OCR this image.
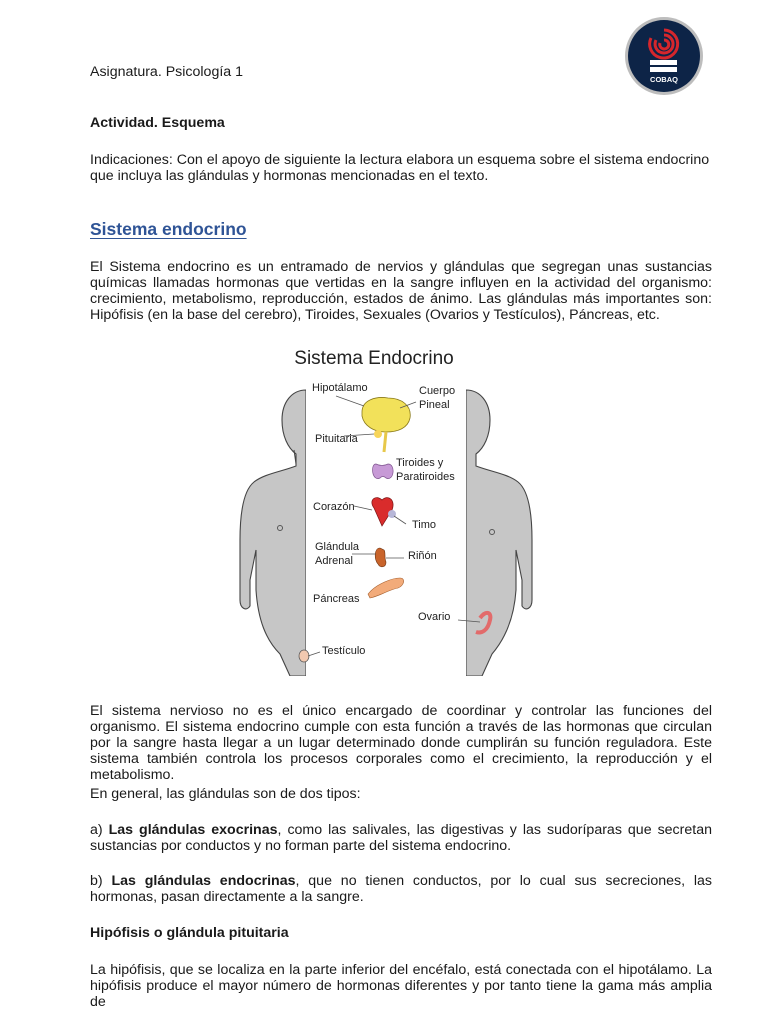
Asignatura. Psicología 1	COBAQ
Actividad. Esquema
Indicaciones: Con el apoyo de siguiente la lectura elabora un esquema sobre el sistema endocrino que incluya las glándulas y hormonas mencionadas en el texto.
Sistema endocrino
El Sistema endocrino es un entramado de nervios y glándulas que segregan unas sustancias químicas llamadas hormonas que vertidas en la sangre influyen en la actividad del organismo: crecimiento, metabolismo, reproducción, estados de ánimo. Las glándulas más importantes son: Hipófisis (en la base del cerebro), Tiroides, Sexuales (Ovarios y Testículos), Páncreas, etc.
Sistema Endocrino
Hipotálamo	Cuerpo
Pineal
Pituitaria
Tiroides y
Paratiroides
Corazón
Timo
Glándula
Adrenal	Riñón
Páncreas
Ovario
Testículo
El sistema nervioso no es el único encargado de coordinar y controlar las funciones del organismo. El sistema endocrino cumple con esta función a través de las hormonas que circulan por la sangre hasta llegar a un lugar determinado donde cumplirán su función reguladora. Este sistema también controla los procesos corporales como el crecimiento, la reproducción y el metabolismo.
En general, las glándulas son de dos tipos:
a) Las glándulas exocrinas, como las salivales, las digestivas y las sudoríparas que secretan sustancias por conductos y no forman parte del sistema endocrino.
b) Las glándulas endocrinas, que no tienen conductos, por lo cual sus secreciones, las hormonas, pasan directamente a la sangre.
Hipófisis o glándula pituitaria
La hipófisis, que se localiza en la parte inferior del encéfalo, está conectada con el hipotálamo. La hipófisis produce el mayor número de hormonas diferentes y por tanto tiene la gama más amplia de
